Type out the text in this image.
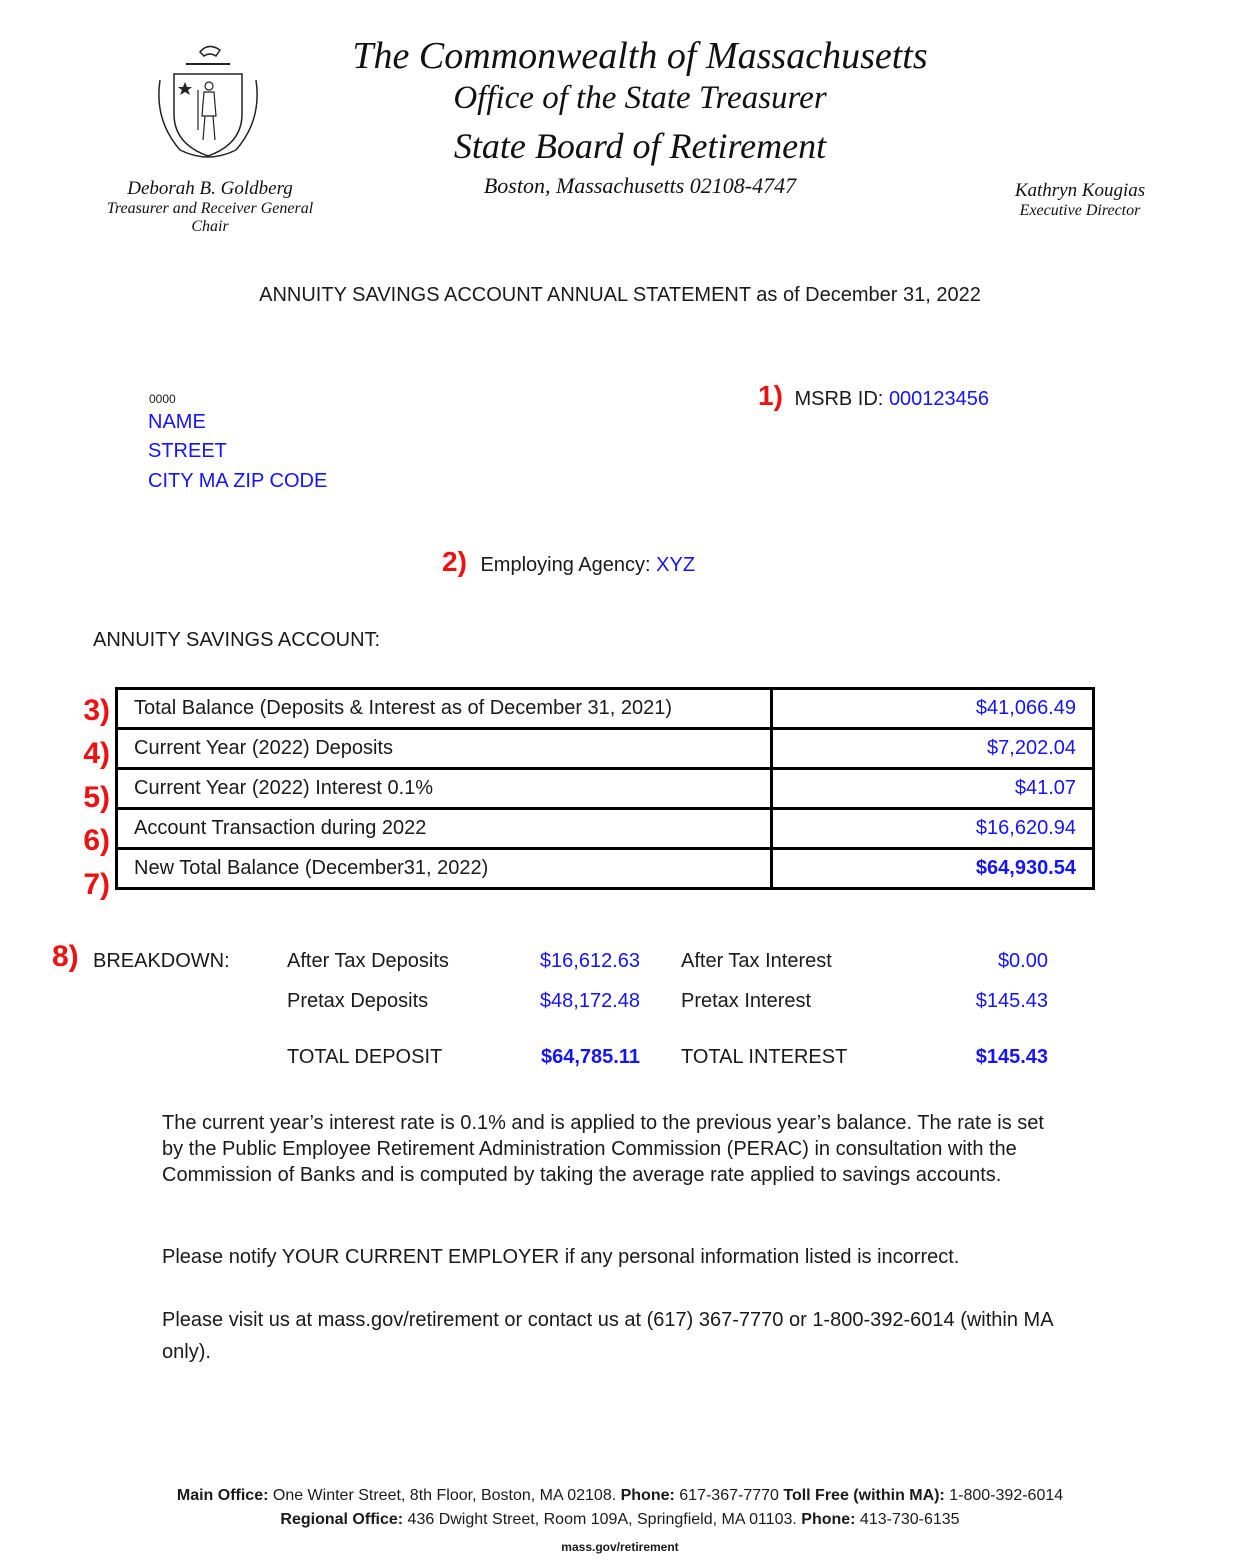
The Commonwealth of Massachusetts
Office of the State Treasurer
State Board of Retirement
Boston, Massachusetts 02108-4747
Deborah B. Goldberg
Treasurer and Receiver General
Chair
Kathryn Kougias
Executive Director
ANNUITY SAVINGS ACCOUNT ANNUAL STATEMENT as of December 31, 2022
0000
NAME
STREET
CITY MA ZIP CODE
1) MSRB ID: 000123456
2) Employing Agency: XYZ
ANNUITY SAVINGS ACCOUNT:
3)
4)
5)
6)
7)
Total Balance (Deposits & Interest as of December 31, 2021)	$41,066.49
Current Year (2022) Deposits	$7,202.04
Current Year (2022) Interest 0.1%	$41.07
Account Transaction during 2022	$16,620.94
New Total Balance (December31, 2022)	$64,930.54
8) BREAKDOWN:	After Tax Deposits	$16,612.63 After Tax Interest	$0.00
Pretax Deposits	$48,172.48 Pretax Interest	$145.43
TOTAL DEPOSIT	$64,785.11 TOTAL INTEREST	$145.43
The current year’s interest rate is 0.1% and is applied to the previous year’s balance. The rate is set by the Public Employee Retirement Administration Commission (PERAC) in consultation with the Commission of Banks and is computed by taking the average rate applied to savings accounts.
Please notify YOUR CURRENT EMPLOYER if any personal information listed is incorrect.
Please visit us at mass.gov/retirement or contact us at (617) 367-7770 or 1-800-392-6014 (within MA only).
Main Office: One Winter Street, 8th Floor, Boston, MA 02108. Phone: 617-367-7770 Toll Free (within MA): 1-800-392-6014
Regional Office: 436 Dwight Street, Room 109A, Springfield, MA 01103. Phone: 413-730-6135
mass.gov/retirement
